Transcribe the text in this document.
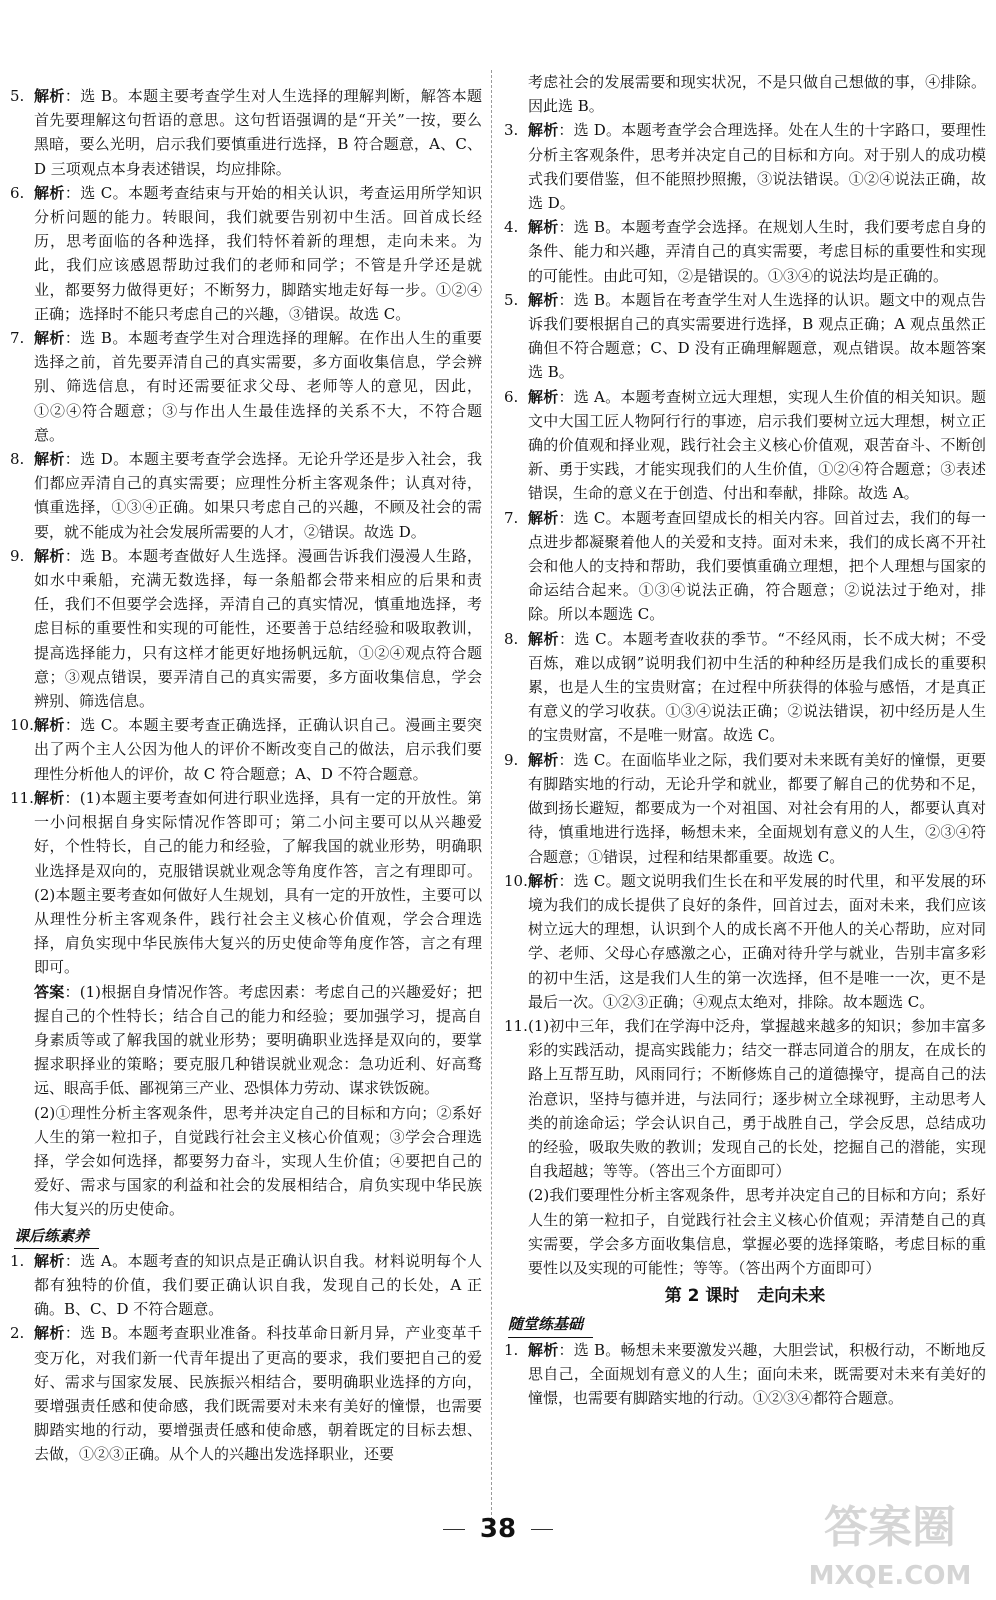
5. 解析：选 B。本题主要考查学生对人生选择的理解判断，解答本题首先要理解这句哲语的意思。这句哲语强调的是“开关”一按，要么黑暗，要么光明，启示我们要慎重进行选择，B 符合题意，A、C、D 三项观点本身表述错误，均应排除。

6. 解析：选 C。本题考查结束与开始的相关认识，考查运用所学知识分析问题的能力。转眼间，我们就要告别初中生活。回首成长经历，思考面临的各种选择，我们特怀着新的理想，走向未来。为此，我们应该感恩帮助过我们的老师和同学；不管是升学还是就业，都要努力做得更好；不断努力，脚踏实地走好每一步。①②④正确；选择时不能只考虑自己的兴趣，③错误。故选 C。

7. 解析：选 B。本题考查学生对合理选择的理解。在作出人生的重要选择之前，首先要弄清自己的真实需要，多方面收集信息，学会辨别、筛选信息，有时还需要征求父母、老师等人的意见，因此，①②④符合题意；③与作出人生最佳选择的关系不大，不符合题意。

8. 解析：选 D。本题主要考查学会选择。无论升学还是步入社会，我们都应弄清自己的真实需要；应理性分析主客观条件；认真对待，慎重选择，①③④正确。如果只考虑自己的兴趣，不顾及社会的需要，就不能成为社会发展所需要的人才，②错误。故选 D。

9. 解析：选 B。本题考查做好人生选择。漫画告诉我们漫漫人生路，如水中乘船，充满无数选择，每一条船都会带来相应的后果和责任，我们不但要学会选择，弄清自己的真实情况，慎重地选择，考虑目标的重要性和实现的可能性，还要善于总结经验和吸取教训，提高选择能力，只有这样才能更好地扬帆远航，①②④观点符合题意；③观点错误，要弄清自己的真实需要，多方面收集信息，学会辨别、筛选信息。

10. 解析：选 C。本题主要考查正确选择，正确认识自己。漫画主要突出了两个主人公因为他人的评价不断改变自己的做法，启示我们要理性分析他人的评价，故 C 符合题意；A、D 不符合题意。

11. 解析：(1)本题主要考查如何进行职业选择，具有一定的开放性。第一小问根据自身实际情况作答即可；第二小问主要可以从兴趣爱好，个性特长，自己的能力和经验，了解我国的就业形势，明确职业选择是双向的，克服错误就业观念等角度作答，言之有理即可。(2)本题主要考查如何做好人生规划，具有一定的开放性，主要可以从理性分析主客观条件，践行社会主义核心价值观，学会合理选择，肩负实现中华民族伟大复兴的历史使命等角度作答，言之有理即可。

答案：(1)根据自身情况作答。考虑因素：考虑自己的兴趣爱好；把握自己的个性特长；结合自己的能力和经验；要加强学习，提高自身素质等或了解我国的就业形势；要明确职业选择是双向的，要掌握求职择业的策略；要克服几种错误就业观念：急功近利、好高骛远、眼高手低、鄙视第三产业、恐惧体力劳动、谋求铁饭碗。

(2)①理性分析主客观条件，思考并决定自己的目标和方向；②系好人生的第一粒扣子，自觉践行社会主义核心价值观；③学会合理选择，学会如何选择，都要努力奋斗，实现人生价值；④要把自己的爱好、需求与国家的利益和社会的发展相结合，肩负实现中华民族伟大复兴的历史使命。

课后练素养

1. 解析：选 A。本题考查的知识点是正确认识自我。材料说明每个人都有独特的价值，我们要正确认识自我，发现自己的长处，A 正确。B、C、D 不符合题意。

2. 解析：选 B。本题考查职业准备。科技革命日新月异，产业变革千变万化，对我们新一代青年提出了更高的要求，我们要把自己的爱好、需求与国家发展、民族振兴相结合，要明确职业选择的方向，要增强责任感和使命感，我们既需要对未来有美好的憧憬，也需要脚踏实地的行动，要增强责任感和使命感，朝着既定的目标去想、去做，①②③正确。从个人的兴趣出发选择职业，还要

考虑社会的发展需要和现实状况，不是只做自己想做的事，④排除。因此选 B。

3. 解析：选 D。本题考查学会合理选择。处在人生的十字路口，要理性分析主客观条件，思考并决定自己的目标和方向。对于别人的成功模式我们要借鉴，但不能照抄照搬，③说法错误。①②④说法正确，故选 D。

4. 解析：选 B。本题考查学会选择。在规划人生时，我们要考虑自身的条件、能力和兴趣，弄清自己的真实需要，考虑目标的重要性和实现的可能性。由此可知，②是错误的。①③④的说法均是正确的。

5. 解析：选 B。本题旨在考查学生对人生选择的认识。题文中的观点告诉我们要根据自己的真实需要进行选择，B 观点正确；A 观点虽然正确但不符合题意；C、D 没有正确理解题意，观点错误。故本题答案选 B。

6. 解析：选 A。本题考查树立远大理想，实现人生价值的相关知识。题文中大国工匠人物阿行行的事迹，启示我们要树立远大理想，树立正确的价值观和择业观，践行社会主义核心价值观，艰苦奋斗、不断创新、勇于实践，才能实现我们的人生价值，①②④符合题意；③表述错误，生命的意义在于创造、付出和奉献，排除。故选 A。

7. 解析：选 C。本题考查回望成长的相关内容。回首过去，我们的每一点进步都凝聚着他人的关爱和支持。面对未来，我们的成长离不开社会和他人的支持和帮助，我们要慎重确立理想，把个人理想与国家的命运结合起来。①③④说法正确，符合题意；②说法过于绝对，排除。所以本题选 C。

8. 解析：选 C。本题考查收获的季节。“不经风雨，长不成大树；不受百炼，难以成钢”说明我们初中生活的种种经历是我们成长的重要积累，也是人生的宝贵财富；在过程中所获得的体验与感悟，才是真正有意义的学习收获。①③④说法正确；②说法错误，初中经历是人生的宝贵财富，不是唯一财富。故选 C。

9. 解析：选 C。在面临毕业之际，我们要对未来既有美好的憧憬，更要有脚踏实地的行动，无论升学和就业，都要了解自己的优势和不足，做到扬长避短，都要成为一个对祖国、对社会有用的人，都要认真对待，慎重地进行选择，畅想未来，全面规划有意义的人生，②③④符合题意；①错误，过程和结果都重要。故选 C。

10. 解析：选 C。题文说明我们生长在和平发展的时代里，和平发展的环境为我们的成长提供了良好的条件，回首过去，面对未来，我们应该树立远大的理想，认识到个人的成长离不开他人的关心帮助，应对同学、老师、父母心存感激之心，正确对待升学与就业，告别丰富多彩的初中生活，这是我们人生的第一次选择，但不是唯一一次，更不是最后一次。①②③正确；④观点太绝对，排除。故本题选 C。

11. (1)初中三年，我们在学海中泛舟，掌握越来越多的知识；参加丰富多彩的实践活动，提高实践能力；结交一群志同道合的朋友，在成长的路上互帮互助，风雨同行；不断修炼自己的道德操守，提高自己的法治意识，坚持与德并进，与法同行；逐步树立全球视野，主动思考人类的前途命运；学会认识自己，勇于战胜自己，学会反思，总结成功的经验，吸取失败的教训；发现自己的长处，挖掘自己的潜能，实现自我超越；等等。（答出三个方面即可）

(2)我们要理性分析主客观条件，思考并决定自己的目标和方向；系好人生的第一粒扣子，自觉践行社会主义核心价值观；弄清楚自己的真实需要，学会多方面收集信息，掌握必要的选择策略，考虑目标的重要性以及实现的可能性；等等。（答出两个方面即可）

第 2 课时 走向未来
随堂练基础

1. 解析：选 B。畅想未来要激发兴趣，大胆尝试，积极行动，不断地反思自己，全面规划有意义的人生；面向未来，既需要对未来有美好的憧憬，也需要有脚踏实地的行动。①②③④都符合题意。

38	答案圈
MXQE.COM
